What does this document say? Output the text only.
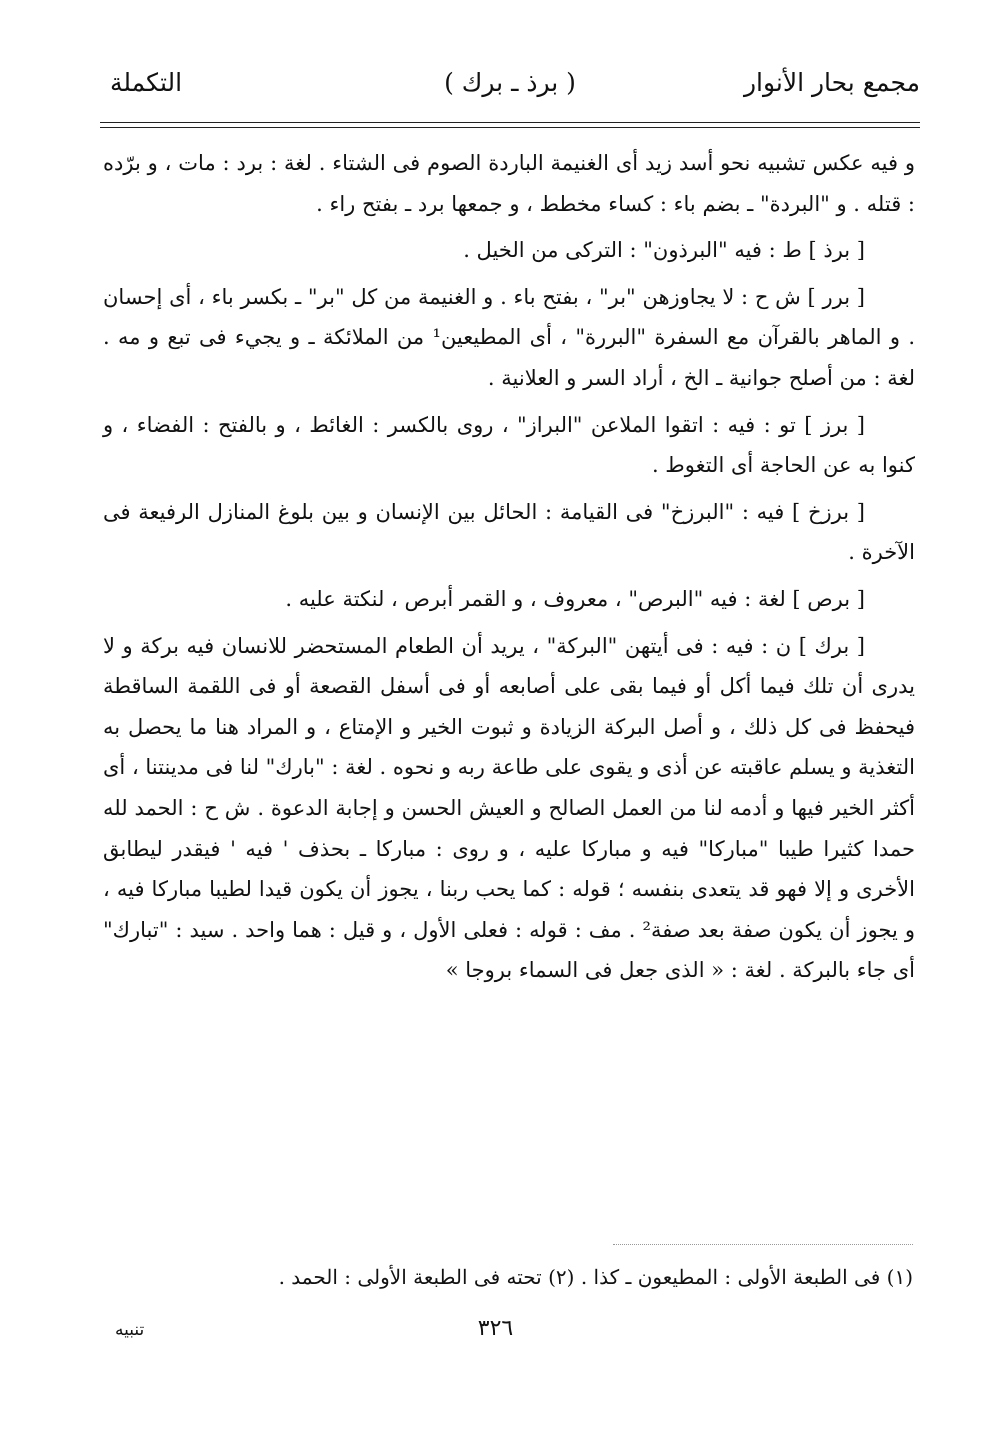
مجمع بحار الأنوار
( برذ ـ برك )
التكملة

و فيه عكس تشبيه نحو أسد زيد أى الغنيمة الباردة الصوم فى الشتاء . لغة : برد : مات ، و برّده : قتله . و "البردة" ـ بضم باء : كساء مخطط ، و جمعها برد ـ بفتح راء .

[ برذ ] ط : فيه "البرذون" : التركى من الخيل .

[ برر ] ش ح : لا يجاوزهن "بر" ، بفتح باء . و الغنيمة من كل "بر" ـ بكسر باء ، أى إحسان . و الماهر بالقرآن مع السفرة "البررة" ، أى المطيعين¹ من الملائكة ـ و يجيء فى تبع و مه . لغة : من أصلح جوانية ـ الخ ، أراد السر و العلانية .

[ برز ] تو : فيه : اتقوا الملاعن "البراز" ، روى بالكسر : الغائط ، و بالفتح : الفضاء ، و كنوا به عن الحاجة أى التغوط .

[ برزخ ] فيه : "البرزخ" فى القيامة : الحائل بين الإنسان و بين بلوغ المنازل الرفيعة فى الآخرة .

[ برص ] لغة : فيه "البرص" ، معروف ، و القمر أبرص ، لنكتة عليه .

[ برك ] ن : فيه : فى أيتهن "البركة" ، يريد أن الطعام المستحضر للانسان فيه بركة و لا يدرى أن تلك فيما أكل أو فيما بقى على أصابعه أو فى أسفل القصعة أو فى اللقمة الساقطة فيحفظ فى كل ذلك ، و أصل البركة الزيادة و ثبوت الخير و الإمتاع ، و المراد هنا ما يحصل به التغذية و يسلم عاقبته عن أذى و يقوى على طاعة ربه و نحوه . لغة : "بارك" لنا فى مدينتنا ، أى أكثر الخير فيها و أدمه لنا من العمل الصالح و العيش الحسن و إجابة الدعوة . ش ح : الحمد لله حمدا كثيرا طيبا "مباركا" فيه و مباركا عليه ، و روى : مباركا ـ بحذف ' فيه ' فيقدر ليطابق الأخرى و إلا فهو قد يتعدى بنفسه ؛ قوله : كما يحب ربنا ، يجوز أن يكون قيدا لطيبا مباركا فيه ، و يجوز أن يكون صفة بعد صفة² . مف : قوله : فعلى الأول ، و قيل : هما واحد . سيد : "تبارك" أى جاء بالبركة . لغة : « الذى جعل فى السماء بروجا »

(١) فى الطبعة الأولى : المطيعون ـ كذا . (٢) تحته فى الطبعة الأولى : الحمد .
٣٢٦
تنبيه
